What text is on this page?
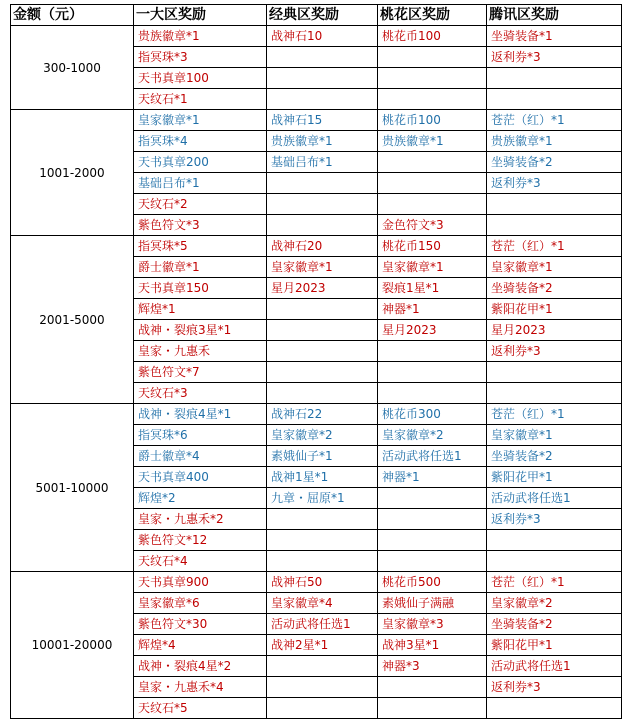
金额（元）	一大区奖励	经典区奖励	桃花区奖励	腾讯区奖励
300-1000	贵族徽章*1	战神石10	桃花币100	坐骑装备*1
	指冥珠*3			返利券*3
	天书真章100			
	天纹石*1			
1001-2000	皇家徽章*1	战神石15	桃花币100	苍茫（红）*1
	指冥珠*4	贵族徽章*1	贵族徽章*1	贵族徽章*1
	天书真章200	基础吕布*1		坐骑装备*2
	基础吕布*1			返利券*3
	天纹石*2			
	紫色符文*3		金色符文*3	
2001-5000	指冥珠*5	战神石20	桃花币150	苍茫（红）*1
	爵士徽章*1	皇家徽章*1	皇家徽章*1	皇家徽章*1
	天书真章150	星月2023	裂痕1星*1	坐骑装备*2
	辉煌*1		神器*1	紫阳花甲*1
	战神・裂痕3星*1		星月2023	星月2023
	皇家・九惠禾			返利券*3
	紫色符文*7			
	天纹石*3			
5001-10000	战神・裂痕4星*1	战神石22	桃花币300	苍茫（红）*1
	指冥珠*6	皇家徽章*2	皇家徽章*2	皇家徽章*1
	爵士徽章*4	素娥仙子*1	活动武将任选1	坐骑装备*2
	天书真章400	战神1星*1	神器*1	紫阳花甲*1
	辉煌*2	九章・屈原*1		活动武将任选1
	皇家・九惠禾*2			返利券*3
	紫色符文*12			
	天纹石*4			
10001-20000	天书真章900	战神石50	桃花币500	苍茫（红）*1
	皇家徽章*6	皇家徽章*4	素娥仙子满融	皇家徽章*2
	紫色符文*30	活动武将任选1	皇家徽章*3	坐骑装备*2
	辉煌*4	战神2星*1	战神3星*1	紫阳花甲*1
	战神・裂痕4星*2		神器*3	活动武将任选1
	皇家・九惠禾*4			返利券*3
	天纹石*5			
